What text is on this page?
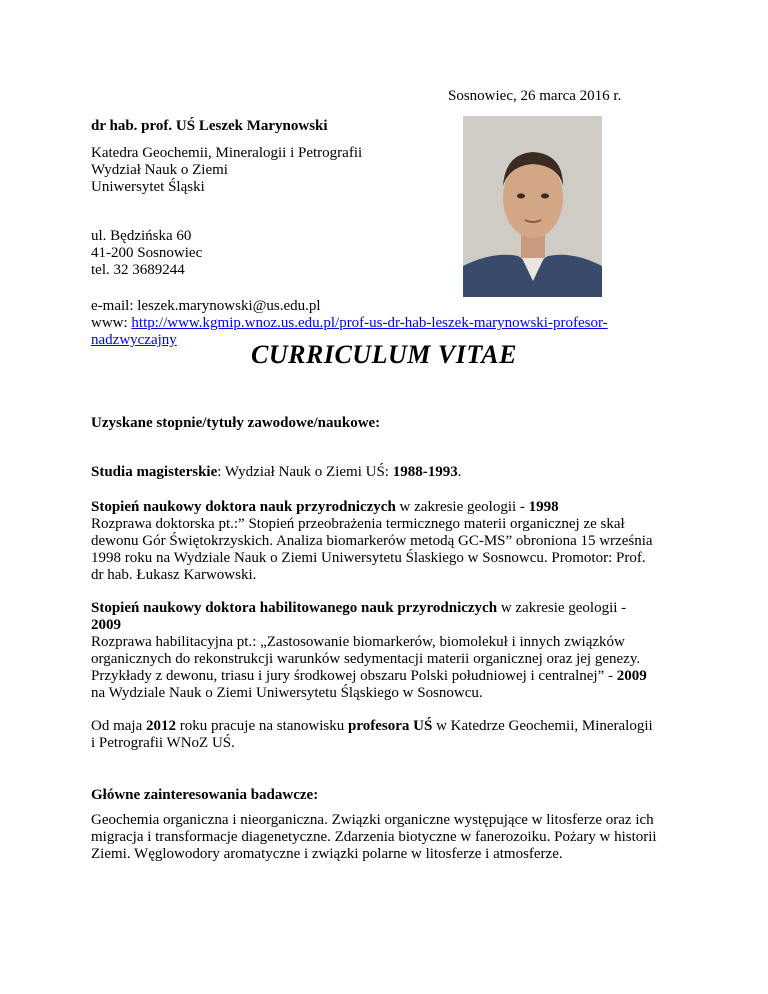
Sosnowiec, 26 marca 2016 r.

dr hab. prof. UŚ Leszek Marynowski

Katedra Geochemii, Mineralogii i Petrografii

Wydział Nauk o Ziemi

Uniwersytet Śląski

ul. Będzińska 60

41-200 Sosnowiec

tel. 32 3689244

e-mail: leszek.marynowski@us.edu.pl

www: http://www.kgmip.wnoz.us.edu.pl/prof-us-dr-hab-leszek-marynowski-profesor-

nadzwyczajny	CURRICULUM VITAE

Uzyskane stopnie/tytuły zawodowe/naukowe:

Studia magisterskie: Wydział Nauk o Ziemi UŚ: 1988-1993.

Stopień naukowy doktora nauk przyrodniczych w zakresie geologii - 1998

Rozprawa doktorska pt.:” Stopień przeobrażenia termicznego materii organicznej ze skał

dewonu Gór Świętokrzyskich. Analiza biomarkerów metodą GC-MS” obroniona 15 września

1998 roku na Wydziale Nauk o Ziemi Uniwersytetu Ślaskiego w Sosnowcu. Promotor: Prof.

dr hab. Łukasz Karwowski.

Stopień naukowy doktora habilitowanego nauk przyrodniczych w zakresie geologii -

2009

Rozprawa habilitacyjna pt.: „Zastosowanie biomarkerów, biomolekuł i innych związków

organicznych do rekonstrukcji warunków sedymentacji materii organicznej oraz jej genezy.

Przykłady z dewonu, triasu i jury środkowej obszaru Polski południowej i centralnej” - 2009

na Wydziale Nauk o Ziemi Uniwersytetu Śląskiego w Sosnowcu.

Od maja 2012 roku pracuje na stanowisku profesora UŚ w Katedrze Geochemii, Mineralogii

i Petrografii WNoZ UŚ.

Główne zainteresowania badawcze:

Geochemia organiczna i nieorganiczna. Związki organiczne występujące w litosferze oraz ich

migracja i transformacje diagenetyczne. Zdarzenia biotyczne w fanerozoiku. Pożary w historii

Ziemi. Węglowodory aromatyczne i związki polarne w litosferze i atmosferze.
